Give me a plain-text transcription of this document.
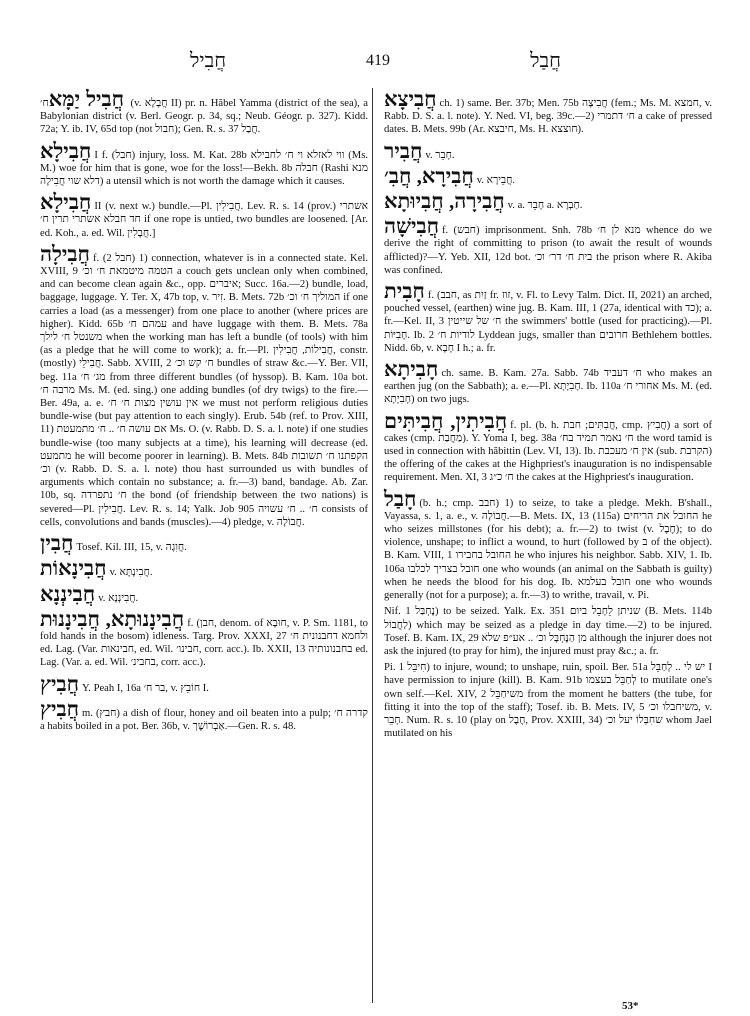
חֲבִיל	419	חֲבַל

חֲבִיל יַמָּאח׳ (v. חֲבָלָא II) pr. n. Hăbel Yamma (district of the sea), a Babylonian district (v. Berl. Geogr. p. 34, sq.; Neub. Géogr. p. 327). Kidd. 72a; Y. ib. IV, 65d top (not חבול); Gen. R. s. 37 חֲבַל.

חֲבִילָא I f. (חבל) injury, loss. M. Kat. 28b ווי לאזלא וי ח׳ לחבילא (Ms. M.) woe for him that is gone, woe for the loss!—Bekh. 8b חבלה (Rashi מנא דלא שוי חֲבִילָה) a utensil which is not worth the damage which it causes.

חֲבִילָא II (v. next w.) bundle.—Pl. חֲבִילִין. Lev. R. s. 14 (prov.) אשתרי חד חבלא אשתרי תרין ח׳ if one rope is untied, two bundles are loosened. [Ar. ed. Koh., a. ed. Wil. חֲבָלִין.]

חֲבִילָה f. (חבל 2) 1) connection, whatever is in a connected state. Kel. XVIII, 9 הטמה מיטמאת ח׳ וכ׳ a couch gets unclean only when combined, and can become clean again &c., opp. איברים; Succ. 16a.—2) bundle, load, baggage, luggage. Y. Ter. X, 47b top, v. זִיר. B. Mets. 72b המוליך ח׳ וכ׳ if one carries a load (as a messenger) from one place to another (where prices are higher). Kidd. 65b עמהם ח׳ and have luggage with them. B. Mets. 78a משנטל ח׳ לילך when the working man has left a bundle (of tools) with him (as a pledge that he will come to work); a. fr.—Pl. חֲבִילוֹת, חֲבִילִין, constr. (mostly) חֲבִילֵי. Sabb. XVIII, 2 ח׳ קש וכ׳ bundles of straw &c.—Y. Ber. VII, beg. 11a מג׳ ח׳ from three different bundles (of hyssop). B. Kam. 10a bot. מרבה ח׳ Ms. M. (ed. sing.) one adding bundles (of dry twigs) to the fire.—Ber. 49a, a. e. אין עושין מצות ח׳ ח׳ we must not perform religious duties bundle-wise (but pay attention to each singly). Erub. 54b (ref. to Prov. XIII, 11) אם עושה ח׳ .. ח׳ מתמעטת Ms. O. (v. Rabb. D. S. a. l. note) if one studies bundle-wise (too many subjects at a time), his learning will decrease (ed. מתמעט he will become poorer in learning). B. Mets. 84b הקפתנו ח׳ תשובות וכ׳ (v. Rabb. D. S. a. l. note) thou hast surrounded us with bundles of arguments which contain no substance; a. fr.—3) band, bandage. Ab. Zar. 10b, sq. ח׳ נתפרדה the bond (of friendship between the two nations) is severed—Pl. חֲבִילִין. Lev. R. s. 14; Yalk. Job 905 ח׳ .. ח׳ עשויה consists of cells, convolutions and bands (muscles).—4) pledge, v. חֲבוֹלָה.

חֲבִין Tosef. Kil. III, 15, v. חֲוִגָה.

חֲבִינָאוֹת v. חֲבִינָתָּא.

חֲבִינְנָא v. חֲבִינְנָא.

חֲבִינָנוּתָא, חֲבִינָנוּת f. (חבן, denom. of חוּבָא, v. P. Sm. 1181, to fold hands in the bosom) idleness. Targ. Prov. XXXI, 27 ולחמא דחבנונית ח׳ ed. Lag. (Var. חבינאות, ed. Wil. חבינו׳, corr. acc.). Ib. XXII, 13 בחבנונותיה ed. Lag. (Var. a. ed. Wil. בחבינ׳, corr. acc.).

חֲבִיץ Y. Peah I, 16a בר ח׳, v. חוֹבֵץ I.

חֲבִיץ m. (חבץ) a dish of flour, honey and oil beaten into a pulp; קדרה ח׳ a habits boiled in a pot. Ber. 36b, v. אַבְרוֹשֶׁך.—Gen. R. s. 48.

חֲבִיצָא ch. 1) same. Ber. 37b; Men. 75b חֲבִיצָה (fem.; Ms. M. חמצא, v. Rabb. D. S. a. l. note). Y. Ned. VI, beg. 39c.—2) ח׳ דתמרי a cake of pressed dates. B. Mets. 99b (Ar. חיבצא, Ms. H. חוצצא).

חֲבִיר v. חָבֵר.

חֲבִירָא, חֲבִ׳ v. חֲבֵירָא.

חֲבִירָה, חֲבִיוּתָא v. a. חָבֵר a. חַבְרָא.

חֲבִישָׁה f. (חבש) imprisonment. Snh. 78b מנא לן ח׳ whence do we derive the right of committing to prison (to await the result of wounds afflicted)?—Y. Yeb. XII, 12d bot. בית ח׳ דר׳ וכ׳ the prison where R. Akiba was confined.

חָבִית f. (חבב, as זַיִת fr. זוז, v. Fl. to Levy Talm. Dict. II, 2021) an arched, pouched vessel, (earthen) wine jug. B. Kam. III, 1 (27a, identical with כד); a. fr.—Kel. II, 3 ח׳ של שייטין the swimmers' bottle (used for practicing).—Pl. חָבִיּוֹת. Ib. 2 לודיות ח׳ Lyddean jugs, smaller than חרובים Bethlehem bottles. Nidd. 6b, v. חָבָא I h.; a. fr.

חָבִיתָא ch. same. B. Kam. 27a. Sabb. 74b ח׳ דעביד who makes an earthen jug (on the Sabbath); a. e.—Pl. חָבִיָתָא. Ib. 110a אחורי ח׳ Ms. M. (ed. חָבִיָתָא) on two jugs.

חֲבִיתִין, חֲבִיתִּים f. pl. (b. h. חֲבִתִּים; חבת, cmp. חֲבִיץ) a sort of cakes (cmp. מַחֲבַת). Y. Yoma I, beg. 38a ח׳ נאמר תמיד בח׳ the word tamid is used in connection with hăbittin (Lev. VI, 13). Ib. אין ח׳ מעכבת (sub. הקרבת) the offering of the cakes at the Highpriest's inauguration is no indispensable requirement. Men. XI, 3 ח׳ כ״ג the cakes at the Highpriest's inauguration.

חָבַל (b. h.; cmp. חבב) 1) to seize, to take a pledge. Mekh. B'shall., Vayassa, s. 1, a. e., v. חֲבוֹלָה.—B. Mets. IX, 13 (115a) החובל את הריחים he who seizes millstones (for his debt); a. fr.—2) to twist (v. חֶבֶל); to do violence, unshape; to inflict a wound, to hurt (followed by ב of the object). B. Kam. VIII, 1 החובל בחבירו he who injures his neighbor. Sabb. XIV, 1. Ib. 106a חובל בצריך לכלבו one who wounds (an animal on the Sabbath is guilty) when he needs the blood for his dog. Ib. חובל בעלמא one who wounds generally (not for a purpose); a. fr.—3) to writhe, travail, v. Pi.

Nif. נֶחְבַּל 1) to be seized. Yalk. Ex. 351 שניתן לֵחָבֵל ביום (B. Mets. 114b לַחֲבוֹל) which may be seized as a pledge in day time.—2) to be injured. Tosef. B. Kam. IX, 29 מן הַנֶּחְבָּל וכ׳ .. אע״פ שלא although the injurer does not ask the injured (to pray for him), the injured must pray &c.; a. fr.

Pi. חִיבֵּל 1) to injure, wound; to unshape, ruin, spoil. Ber. 51a יש לי .. לְחַבֵּל I have permission to injure (kill). B. Kam. 91b לְחַבֵּל בעצמו to mutilate one's own self.—Kel. XIV, 2 משיחַבֵּל from the moment he batters (the tube, for fitting it into the top of the staff); Tosef. ib. B. Mets. IV, 5 משיחבלו וכ׳, v. חָבֵר. Num. R. s. 10 (play on חֶבֶל, Prov. XXIII, 34) שחִבְּלוֹ יעל וכ׳ whom Jael mutilated on his

53*
